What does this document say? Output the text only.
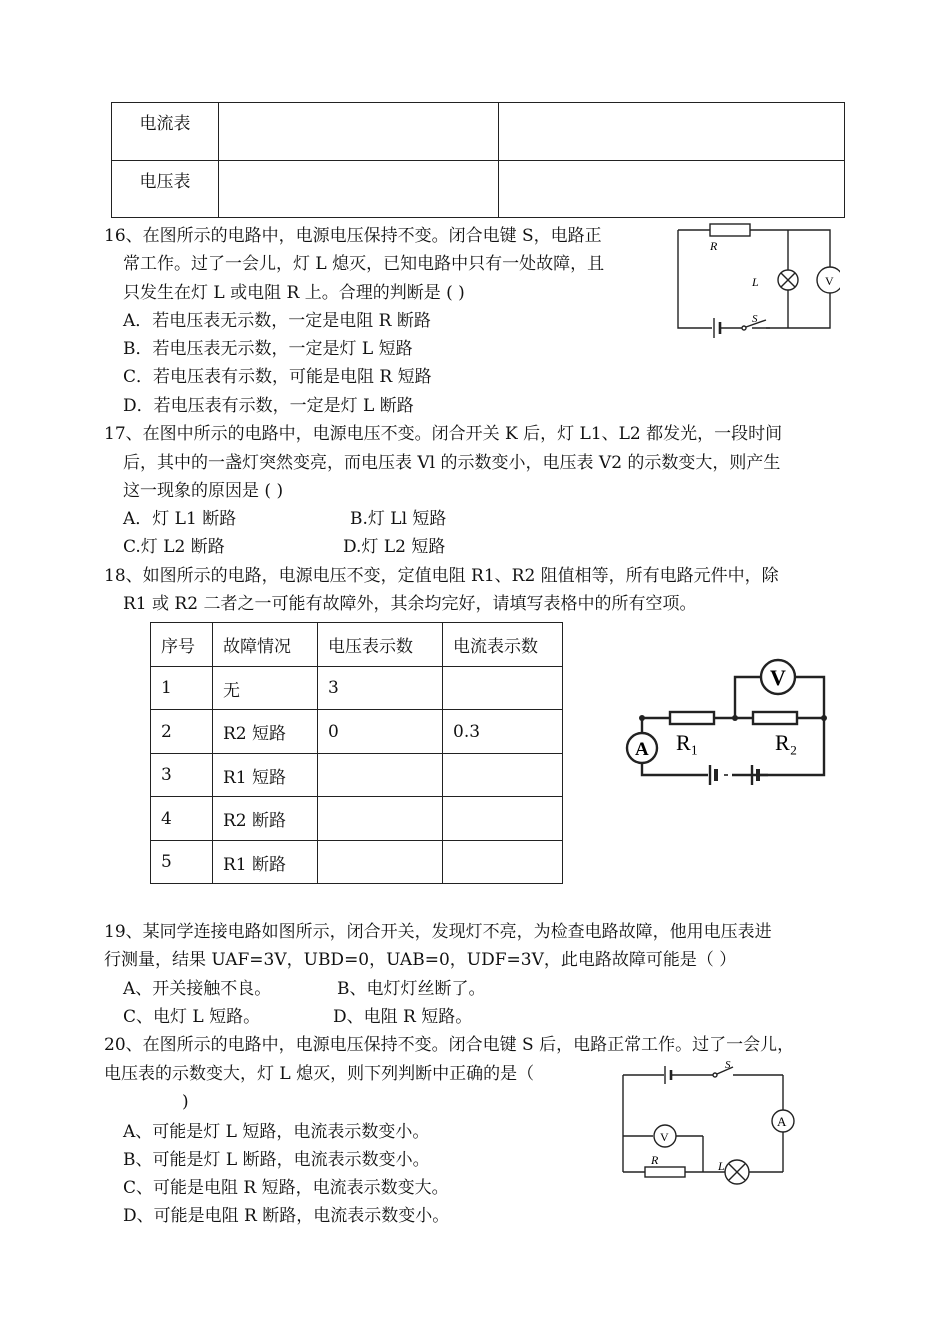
电流表		
电压表		
16、在图所示的电路中，电源电压保持不变。闭合电键 S，电路正
常工作。过了一会儿，灯 L 熄灭，已知电路中只有一处故障，且
只发生在灯 L 或电阻 R 上。合理的判断是 ( )
A．若电压表无示数，一定是电阻 R 断路
B．若电压表无示数，一定是灯 L 短路
C．若电压表有示数，可能是电阻 R 短路
D．若电压表有示数，一定是灯 L 断路
R
L	V
S
17、在图中所示的电路中，电源电压不变。闭合开关 K 后，灯 L1、L2 都发光，一段时间
后，其中的一盏灯突然变亮，而电压表 Vl 的示数变小，电压表 V2 的示数变大，则产生
这一现象的原因是 ( )
A．灯 L1 断路	B.灯 Ll 短路
C.灯 L2 断路	D.灯 L2 短路
18、如图所示的电路，电源电压不变，定值电阻 R1、R2 阻值相等，所有电路元件中，除
R1 或 R2 二者之一可能有故障外，其余均完好，请填写表格中的所有空项。
序号	故障情况	电压表示数	电流表示数
1	无	3	
2	R2 短路	0	0.3
3	R1 短路		
4	R2 断路		
5	R1 断路		
V
A R₁	R₂
19、某同学连接电路如图所示，闭合开关，发现灯不亮，为检查电路故障，他用电压表进
行测量，结果 UAF=3V，UBD=0，UAB=0，UDF=3V，此电路故障可能是（ ）
A、开关接触不良。	B、电灯灯丝断了。
C、电灯 L 短路。	D、电阻 R 短路。
20、在图所示的电路中，电源电压保持不变。闭合电键 S 后，电路正常工作。过了一会儿，
电压表的示数变大，灯 L 熄灭，则下列判断中正确的是（
)
A、可能是灯 L 短路，电流表示数变小。
B、可能是灯 L 断路，电流表示数变小。
C、可能是电阻 R 短路，电流表示数变大。
D、可能是电阻 R 断路，电流表示数变小。
S
A
V
R	L
